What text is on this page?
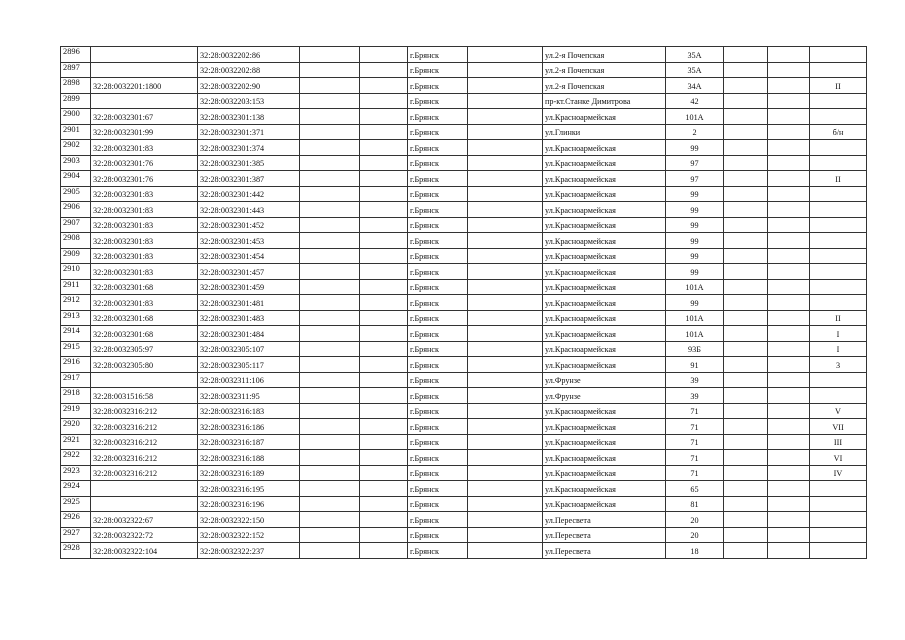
2896		32:28:0032202:86			г.Брянск		ул.2-я Почепская	35А			
2897		32:28:0032202:88			г.Брянск		ул.2-я Почепская	35А			
2898	32:28:0032201:1800	32:28:0032202:90			г.Брянск		ул.2-я Почепская	34А			II
2899		32:28:0032203:153			г.Брянск		пр-кт.Станке Димитрова	42			
2900	32:28:0032301:67	32:28:0032301:138			г.Брянск		ул.Красноармейская	101А			
2901	32:28:0032301:99	32:28:0032301:371			г.Брянск		ул.Глинки	2			б/н
2902	32:28:0032301:83	32:28:0032301:374			г.Брянск		ул.Красноармейская	99			
2903	32:28:0032301:76	32:28:0032301:385			г.Брянск		ул.Красноармейская	97			
2904	32:28:0032301:76	32:28:0032301:387			г.Брянск		ул.Красноармейская	97			II
2905	32:28:0032301:83	32:28:0032301:442			г.Брянск		ул.Красноармейская	99			
2906	32:28:0032301:83	32:28:0032301:443			г.Брянск		ул.Красноармейская	99			
2907	32:28:0032301:83	32:28:0032301:452			г.Брянск		ул.Красноармейская	99			
2908	32:28:0032301:83	32:28:0032301:453			г.Брянск		ул.Красноармейская	99			
2909	32:28:0032301:83	32:28:0032301:454			г.Брянск		ул.Красноармейская	99			
2910	32:28:0032301:83	32:28:0032301:457			г.Брянск		ул.Красноармейская	99			
2911	32:28:0032301:68	32:28:0032301:459			г.Брянск		ул.Красноармейская	101А			
2912	32:28:0032301:83	32:28:0032301:481			г.Брянск		ул.Красноармейская	99			
2913	32:28:0032301:68	32:28:0032301:483			г.Брянск		ул.Красноармейская	101А			II
2914	32:28:0032301:68	32:28:0032301:484			г.Брянск		ул.Красноармейская	101А			I
2915	32:28:0032305:97	32:28:0032305:107			г.Брянск		ул.Красноармейская	93Б			I
2916	32:28:0032305:80	32:28:0032305:117			г.Брянск		ул.Красноармейская	91			3
2917		32:28:0032311:106			г.Брянск		ул.Фрунзе	39			
2918	32:28:0031516:58	32:28:0032311:95			г.Брянск		ул.Фрунзе	39			
2919	32:28:0032316:212	32:28:0032316:183			г.Брянск		ул.Красноармейская	71			V
2920	32:28:0032316:212	32:28:0032316:186			г.Брянск		ул.Красноармейская	71			VII
2921	32:28:0032316:212	32:28:0032316:187			г.Брянск		ул.Красноармейская	71			III
2922	32:28:0032316:212	32:28:0032316:188			г.Брянск		ул.Красноармейская	71			VI
2923	32:28:0032316:212	32:28:0032316:189			г.Брянск		ул.Красноармейская	71			IV
2924		32:28:0032316:195			г.Брянск		ул.Красноармейская	65			
2925		32:28:0032316:196			г.Брянск		ул.Красноармейская	81			
2926	32:28:0032322:67	32:28:0032322:150			г.Брянск		ул.Пересвета	20			
2927	32:28:0032322:72	32:28:0032322:152			г.Брянск		ул.Пересвета	20			
2928	32:28:0032322:104	32:28:0032322:237			г.Брянск		ул.Пересвета	18			
